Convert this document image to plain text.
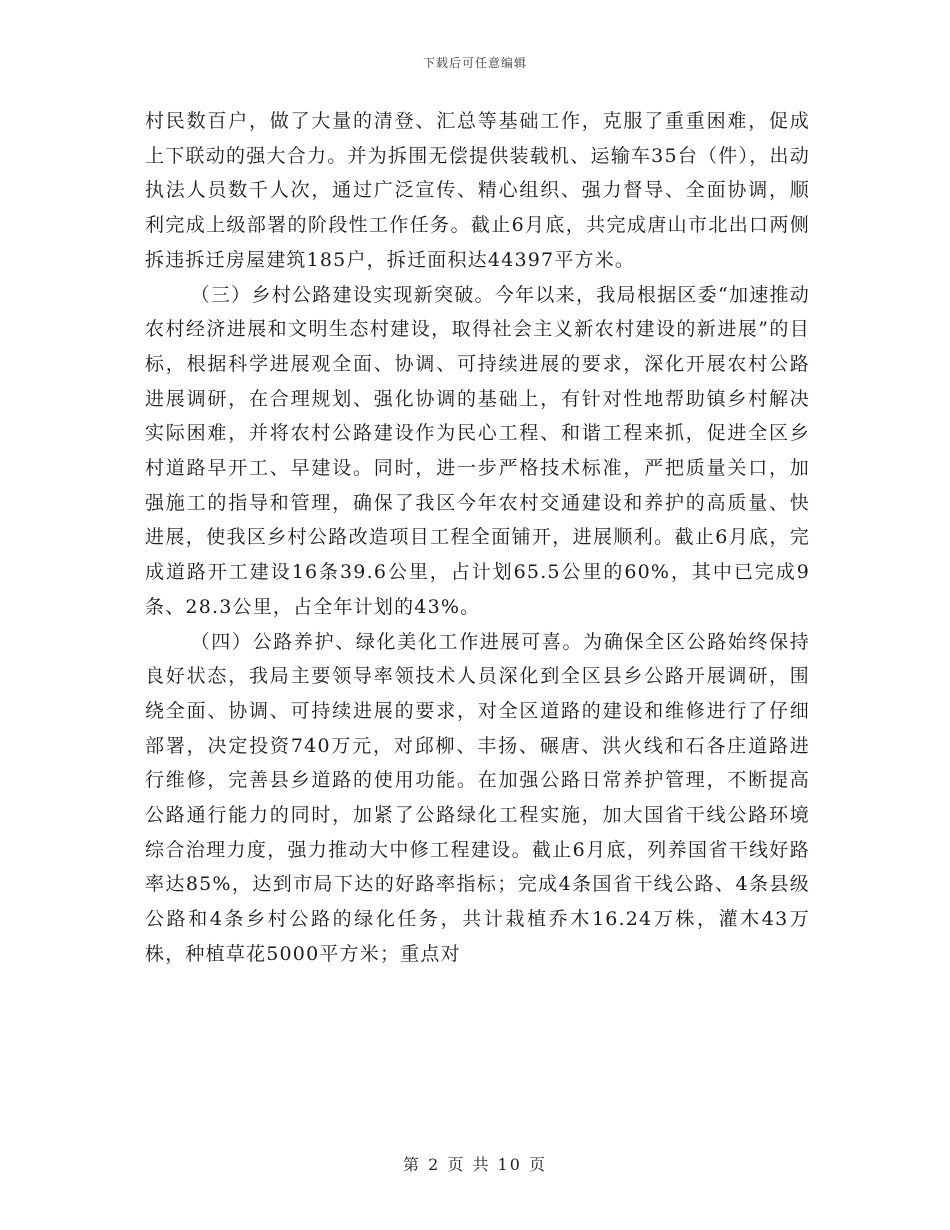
下载后可任意编辑

村民数百户，做了大量的清登、汇总等基础工作，克服了重重困难，促成上下联动的强大合力。并为拆围无偿提供装载机、运输车35台（件），出动执法人员数千人次，通过广泛宣传、精心组织、强力督导、全面协调，顺利完成上级部署的阶段性工作任务。截止6月底，共完成唐山市北出口两侧拆违拆迁房屋建筑185户，拆迁面积达44397平方米。

（三）乡村公路建设实现新突破。今年以来，我局根据区委“加速推动农村经济进展和文明生态村建设，取得社会主义新农村建设的新进展”的目标，根据科学进展观全面、协调、可持续进展的要求，深化开展农村公路进展调研，在合理规划、强化协调的基础上，有针对性地帮助镇乡村解决实际困难，并将农村公路建设作为民心工程、和谐工程来抓，促进全区乡村道路早开工、早建设。同时，进一步严格技术标准，严把质量关口，加强施工的指导和管理，确保了我区今年农村交通建设和养护的高质量、快进展，使我区乡村公路改造项目工程全面铺开，进展顺利。截止6月底，完成道路开工建设16条39.6公里，占计划65.5公里的60%，其中已完成9条、28.3公里，占全年计划的43%。

（四）公路养护、绿化美化工作进展可喜。为确保全区公路始终保持良好状态，我局主要领导率领技术人员深化到全区县乡公路开展调研，围绕全面、协调、可持续进展的要求，对全区道路的建设和维修进行了仔细部署，决定投资740万元，对邱柳、丰扬、碾唐、洪火线和石各庄道路进行维修，完善县乡道路的使用功能。在加强公路日常养护管理，不断提高公路通行能力的同时，加紧了公路绿化工程实施，加大国省干线公路环境综合治理力度，强力推动大中修工程建设。截止6月底，列养国省干线好路率达85%，达到市局下达的好路率指标；完成4条国省干线公路、4条县级公路和4条乡村公路的绿化任务，共计栽植乔木16.24万株，灌木43万株，种植草花5000平方米；重点对

第 2 页 共 10 页
